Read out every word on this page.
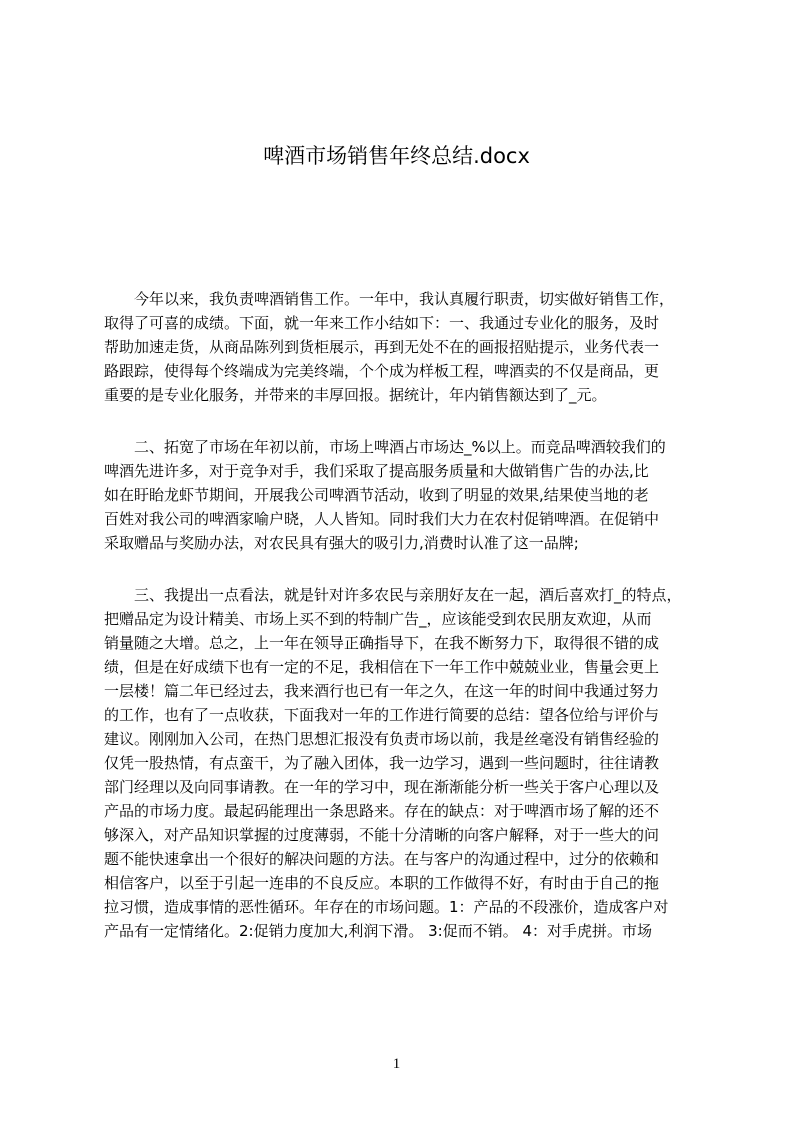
啤酒市场销售年终总结.docx
今年以来，我负责啤酒销售工作。一年中，我认真履行职责，切实做好销售工作，
取得了可喜的成绩。下面，就一年来工作小结如下：一、我通过专业化的服务，及时
帮助加速走货，从商品陈列到货柜展示，再到无处不在的画报招贴提示，业务代表一
路跟踪，使得每个终端成为完美终端，个个成为样板工程，啤酒卖的不仅是商品，更
重要的是专业化服务，并带来的丰厚回报。据统计，年内销售额达到了_元。
二、拓宽了市场在年初以前，市场上啤酒占市场达_%以上。而竞品啤酒较我们的
啤酒先进许多，对于竞争对手，我们采取了提高服务质量和大做销售广告的办法,比
如在盱眙龙虾节期间，开展我公司啤酒节活动，收到了明显的效果,结果使当地的老
百姓对我公司的啤酒家喻户晓，人人皆知。同时我们大力在农村促销啤酒。在促销中
采取赠品与奖励办法，对农民具有强大的吸引力,消费时认准了这一品牌;
三、我提出一点看法，就是针对许多农民与亲朋好友在一起，酒后喜欢打_的特点，
把赠品定为设计精美、市场上买不到的特制广告_，应该能受到农民朋友欢迎，从而
销量随之大增。总之，上一年在领导正确指导下，在我不断努力下，取得很不错的成
绩，但是在好成绩下也有一定的不足，我相信在下一年工作中兢兢业业，售量会更上
一层楼！篇二年已经过去，我来酒行也已有一年之久，在这一年的时间中我通过努力
的工作，也有了一点收获，下面我对一年的工作进行简要的总结：望各位给与评价与
建议。刚刚加入公司，在热门思想汇报没有负责市场以前，我是丝毫没有销售经验的
仅凭一股热情，有点蛮干，为了融入团体，我一边学习，遇到一些问题时，往往请教
部门经理以及向同事请教。在一年的学习中，现在渐渐能分析一些关于客户心理以及
产品的市场力度。最起码能理出一条思路来。存在的缺点：对于啤酒市场了解的还不
够深入，对产品知识掌握的过度薄弱，不能十分清晰的向客户解释，对于一些大的问
题不能快速拿出一个很好的解决问题的方法。在与客户的沟通过程中，过分的依赖和
相信客户，以至于引起一连串的不良反应。本职的工作做得不好，有时由于自己的拖
拉习惯，造成事情的恶性循环。年存在的市场问题。1：产品的不段涨价，造成客户对
产品有一定情绪化。2:促销力度加大,利润下滑。 3:促而不销。 4：对手虎拼。市场
1
